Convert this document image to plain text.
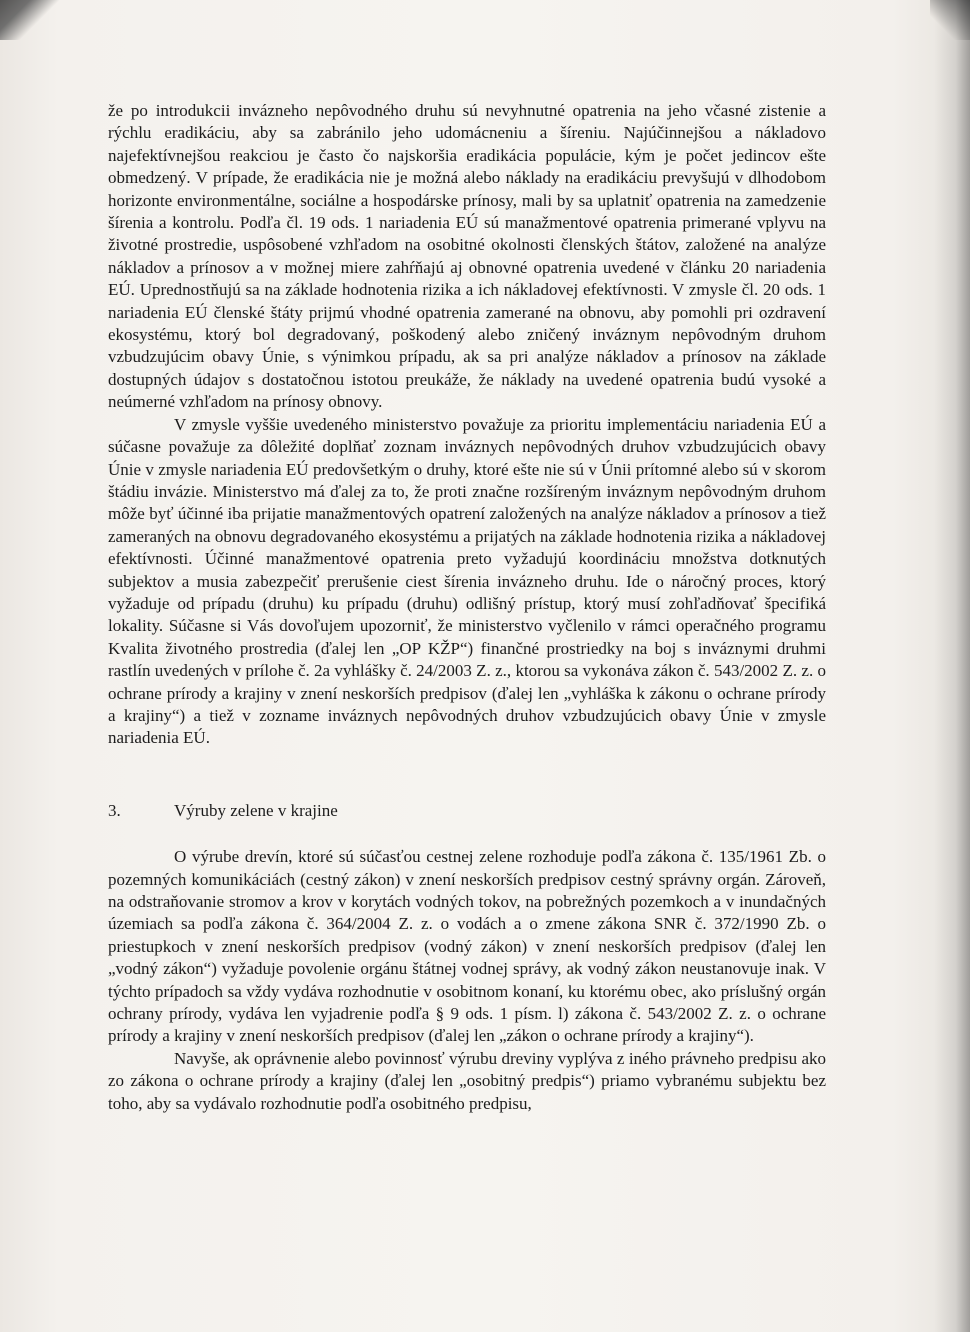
že po introdukcii invázneho nepôvodného druhu sú nevyhnutné opatrenia na jeho včasné zistenie a rýchlu eradikáciu, aby sa zabránilo jeho udomácneniu a šíreniu. Najúčinnejšou a nákladovo najefektívnejšou reakciou je často čo najskoršia eradikácia populácie, kým je počet jedincov ešte obmedzený. V prípade, že eradikácia nie je možná alebo náklady na eradikáciu prevyšujú v dlhodobom horizonte environmentálne, sociálne a hospodárske prínosy, mali by sa uplatniť opatrenia na zamedzenie šírenia a kontrolu. Podľa čl. 19 ods. 1 nariadenia EÚ sú manažmentové opatrenia primerané vplyvu na životné prostredie, uspôsobené vzhľadom na osobitné okolnosti členských štátov, založené na analýze nákladov a prínosov a v možnej miere zahŕňajú aj obnovné opatrenia uvedené v článku 20 nariadenia EÚ. Uprednostňujú sa na základe hodnotenia rizika a ich nákladovej efektívnosti. V zmysle čl. 20 ods. 1 nariadenia EÚ členské štáty prijmú vhodné opatrenia zamerané na obnovu, aby pomohli pri ozdravení ekosystému, ktorý bol degradovaný, poškodený alebo zničený inváznym nepôvodným druhom vzbudzujúcim obavy Únie, s výnimkou prípadu, ak sa pri analýze nákladov a prínosov na základe dostupných údajov s dostatočnou istotou preukáže, že náklady na uvedené opatrenia budú vysoké a neúmerné vzhľadom na prínosy obnovy.

V zmysle vyššie uvedeného ministerstvo považuje za prioritu implementáciu nariadenia EÚ a súčasne považuje za dôležité doplňať zoznam inváznych nepôvodných druhov vzbudzujúcich obavy Únie v zmysle nariadenia EÚ predovšetkým o druhy, ktoré ešte nie sú v Únii prítomné alebo sú v skorom štádiu invázie. Ministerstvo má ďalej za to, že proti značne rozšíreným inváznym nepôvodným druhom môže byť účinné iba prijatie manažmentových opatrení založených na analýze nákladov a prínosov a tiež zameraných na obnovu degradovaného ekosystému a prijatých na základe hodnotenia rizika a nákladovej efektívnosti. Účinné manažmentové opatrenia preto vyžadujú koordináciu množstva dotknutých subjektov a musia zabezpečiť prerušenie ciest šírenia invázneho druhu. Ide o náročný proces, ktorý vyžaduje od prípadu (druhu) ku prípadu (druhu) odlišný prístup, ktorý musí zohľadňovať špecifiká lokality. Súčasne si Vás dovoľujem upozorniť, že ministerstvo vyčlenilo v rámci operačného programu Kvalita životného prostredia (ďalej len „OP KŽP“) finančné prostriedky na boj s inváznymi druhmi rastlín uvedených v prílohe č. 2a vyhlášky č. 24/2003 Z. z., ktorou sa vykonáva zákon č. 543/2002 Z. z. o ochrane prírody a krajiny v znení neskorších predpisov (ďalej len „vyhláška k zákonu o ochrane prírody a krajiny“) a tiež v zozname inváznych nepôvodných druhov vzbudzujúcich obavy Únie v zmysle nariadenia EÚ.

3.	Výruby zelene v krajine

O výrube drevín, ktoré sú súčasťou cestnej zelene rozhoduje podľa zákona č. 135/1961 Zb. o pozemných komunikáciách (cestný zákon) v znení neskorších predpisov cestný správny orgán. Zároveň, na odstraňovanie stromov a krov v korytách vodných tokov, na pobrežných pozemkoch a v inundačných územiach sa podľa zákona č. 364/2004 Z. z. o vodách a o zmene zákona SNR č. 372/1990 Zb. o priestupkoch v znení neskorších predpisov (vodný zákon) v znení neskorších predpisov (ďalej len „vodný zákon“) vyžaduje povolenie orgánu štátnej vodnej správy, ak vodný zákon neustanovuje inak. V týchto prípadoch sa vždy vydáva rozhodnutie v osobitnom konaní, ku ktorému obec, ako príslušný orgán ochrany prírody, vydáva len vyjadrenie podľa § 9 ods. 1 písm. l) zákona č. 543/2002 Z. z. o ochrane prírody a krajiny v znení neskorších predpisov (ďalej len „zákon o ochrane prírody a krajiny“).

Navyše, ak oprávnenie alebo povinnosť výrubu dreviny vyplýva z iného právneho predpisu ako zo zákona o ochrane prírody a krajiny (ďalej len „osobitný predpis“) priamo vybranému subjektu bez toho, aby sa vydávalo rozhodnutie podľa osobitného predpisu,
